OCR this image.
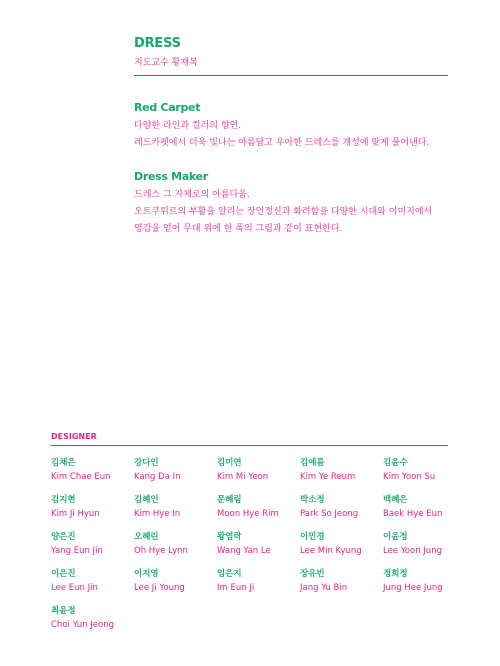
DRESS
지도교수 황재복
Red Carpet
다양한 라인과 컬러의 향연.
레드카펫에서 더욱 빛나는 아름답고 우아한 드레스를 개성에 맞게 풀어낸다.
Dress Maker
드레스 그 자체로의 아름다움.
오트쿠튀르의 부활을 알리는 장인정신과 화려함을 다양한 시대와 이미지에서
영감을 얻어 무대 위에 한 폭의 그림과 같이 표현한다.
DESIGNER
김채은
Kim Chae Eun
강다인
Kang Da In
김미연
Kim Mi Yeon
김예름
Kim Ye Reum
김윤수
Kim Yoon Su
김지현
Kim Ji Hyun
김혜인
Kim Hye In
문혜림
Moon Hye Rim
박소정
Park So Jeong
백혜은
Baek Hye Eun
양은진
Yang Eun Jin
오혜린
Oh Hye Lynn
왕염락
Wang Yan Le
이민경
Lee Min Kyung
이윤정
Lee Yoon Jung
이은진
Lee Eun Jin
이지영
Lee Ji Young
임은지
Im Eun Ji
장유빈
Jang Yu Bin
정희정
Jung Hee Jung
최윤정
Choi Yun Jeong
